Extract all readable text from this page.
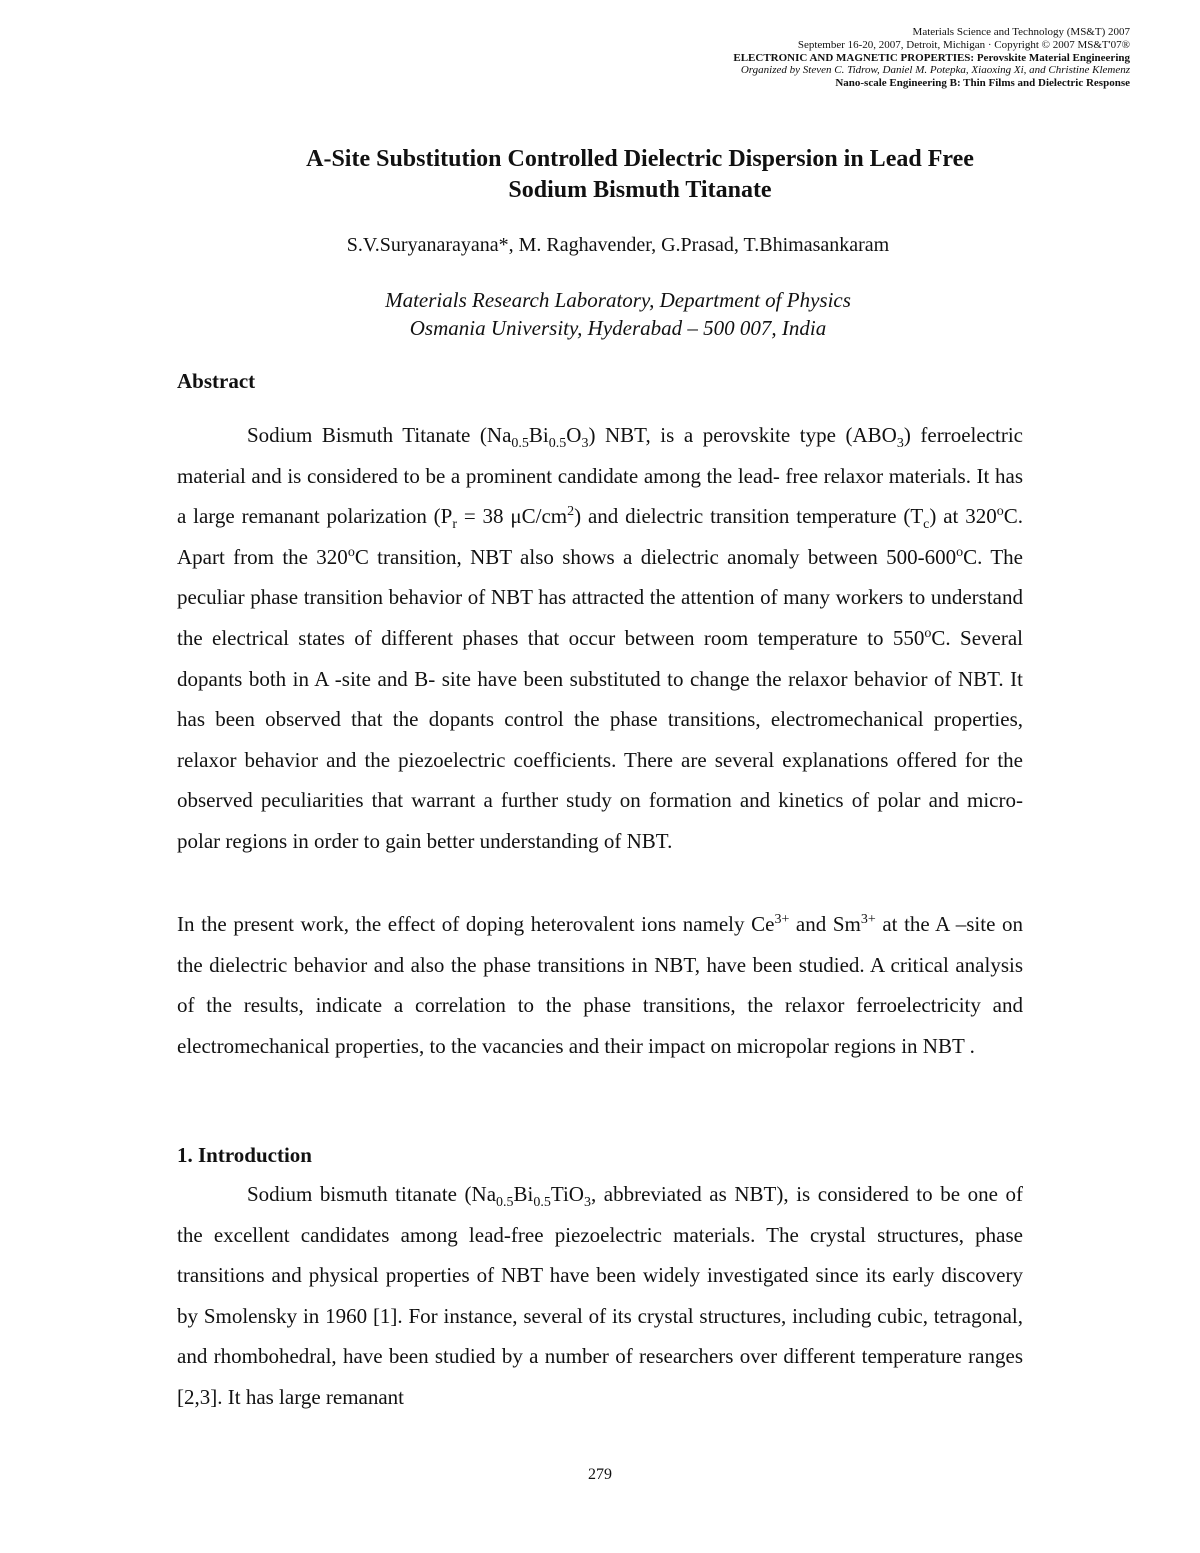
Materials Science and Technology (MS&T) 2007
September 16-20, 2007, Detroit, Michigan · Copyright © 2007 MS&T'07®
ELECTRONIC AND MAGNETIC PROPERTIES: Perovskite Material Engineering
Organized by Steven C. Tidrow, Daniel M. Potepka, Xiaoxing Xi, and Christine Klemenz
Nano-scale Engineering B: Thin Films and Dielectric Response
A-Site Substitution Controlled Dielectric Dispersion in Lead Free
Sodium Bismuth Titanate
S.V.Suryanarayana*, M. Raghavender, G.Prasad, T.Bhimasankaram
Materials Research Laboratory, Department of Physics
Osmania University, Hyderabad – 500 007, India
Abstract

Sodium Bismuth Titanate $(Na_{0.5}Bi_{0.5}O_3)$ NBT, is a perovskite type $(ABO_3)$ ferroelectric material and is considered to be a prominent candidate among the lead- free relaxor materials. It has a large remanant polarization ($P_r = 38$ $\mu C/cm^2$) and dielectric transition temperature $(T_c)$ at 320$^o$C. Apart from the 320$^o$C transition, NBT also shows a dielectric anomaly between 500-600$^o$C. The peculiar phase transition behavior of NBT has attracted the attention of many workers to understand the electrical states of different phases that occur between room temperature to 550$^o$C. Several dopants both in A -site and B- site have been substituted to change the relaxor behavior of NBT. It has been observed that the dopants control the phase transitions, electromechanical properties, relaxor behavior and the piezoelectric coefficients. There are several explanations offered for the observed peculiarities that warrant a further study on formation and kinetics of polar and micro-polar regions in order to gain better understanding of NBT.

In the present work, the effect of doping heterovalent ions namely $Ce^{3+}$ and $Sm^{3+}$ at the A –site on the dielectric behavior and also the phase transitions in NBT, have been studied. A critical analysis of the results, indicate a correlation to the phase transitions, the relaxor ferroelectricity and electromechanical properties, to the vacancies and their impact on micropolar regions in NBT .

1. Introduction

Sodium bismuth titanate ($Na_{0.5}Bi_{0.5}TiO_3$, abbreviated as NBT), is considered to be one of the excellent candidates among lead-free piezoelectric materials. The crystal structures, phase transitions and physical properties of NBT have been widely investigated since its early discovery by Smolensky in 1960 [1]. For instance, several of its crystal structures, including cubic, tetragonal, and rhombohedral, have been studied by a number of researchers over different temperature ranges [2,3]. It has large remanant

279
